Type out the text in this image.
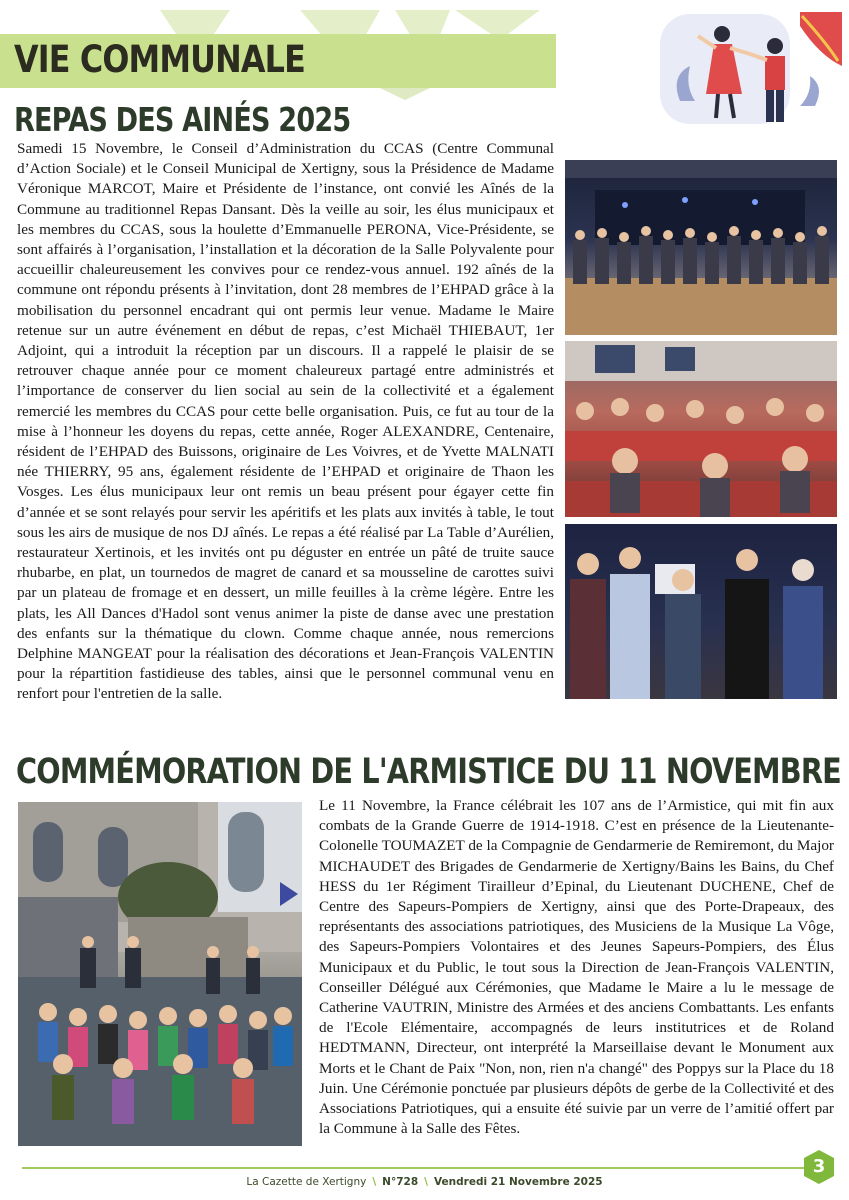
VIE COMMUNALE
REPAS DES AINÉS 2025
Samedi 15 Novembre, le Conseil d’Administration du CCAS (Centre Communal d’Action Sociale) et le Conseil Municipal de Xertigny, sous la Présidence de Madame Véronique MARCOT, Maire et Présidente de l’instance, ont convié les Aînés de la Commune au traditionnel Repas Dansant. Dès la veille au soir, les élus municipaux et les membres du CCAS, sous la houlette d’Emmanuelle PERONA, Vice-Présidente, se sont affairés à l’organisation, l’installation et la décoration de la Salle Polyvalente pour accueillir chaleureusement les convives pour ce rendez-vous annuel. 192 aînés de la commune ont répondu présents à l’invitation, dont 28 membres de l’EHPAD grâce à la mobilisation du personnel encadrant qui ont permis leur venue. Madame le Maire retenue sur un autre événement en début de repas, c’est Michaël THIEBAUT, 1er Adjoint, qui a introduit la réception par un discours. Il a rappelé le plaisir de se retrouver chaque année pour ce moment chaleureux partagé entre administrés et l’importance de conserver du lien social au sein de la collectivité et a également remercié les membres du CCAS pour cette belle organisation. Puis, ce fut au tour de la mise à l’honneur les doyens du repas, cette année, Roger ALEXANDRE, Centenaire, résident de l’EHPAD des Buissons, originaire de Les Voivres, et de Yvette MALNATI née THIERRY, 95 ans, également résidente de l’EHPAD et originaire de Thaon les Vosges. Les élus municipaux leur ont remis un beau présent pour égayer cette fin d’année et se sont relayés pour servir les apéritifs et les plats aux invités à table, le tout sous les airs de musique de nos DJ aînés. Le repas a été réalisé par La Table d’Aurélien, restaurateur Xertinois, et les invités ont pu déguster en entrée un pâté de truite sauce rhubarbe, en plat, un tournedos de magret de canard et sa mousseline de carottes suivi par un plateau de fromage et en dessert, un mille feuilles à la crème légère. Entre les plats, les All Dances d'Hadol sont venus animer la piste de danse avec une prestation des enfants sur la thématique du clown. Comme chaque année, nous remercions Delphine MANGEAT pour la réalisation des décorations et Jean-François VALENTIN pour la répartition fastidieuse des tables, ainsi que le personnel communal venu en renfort pour l'entretien de la salle.
COMMÉMORATION DE L'ARMISTICE DU 11 NOVEMBRE
Le 11 Novembre, la France célébrait les 107 ans de l’Armistice, qui mit fin aux combats de la Grande Guerre de 1914-1918. C’est en présence de la Lieutenante-Colonelle TOUMAZET de la Compagnie de Gendarmerie de Remiremont, du Major MICHAUDET des Brigades de Gendarmerie de Xertigny/Bains les Bains, du Chef HESS du 1er Régiment Tirailleur d’Epinal, du Lieutenant DUCHENE, Chef de Centre des Sapeurs-Pompiers de Xertigny, ainsi que des Porte-Drapeaux, des représentants des associations patriotiques, des Musiciens de la Musique La Vôge, des Sapeurs-Pompiers Volontaires et des Jeunes Sapeurs-Pompiers, des Élus Municipaux et du Public, le tout sous la Direction de Jean-François VALENTIN, Conseiller Délégué aux Cérémonies, que Madame le Maire a lu le message de Catherine VAUTRIN, Ministre des Armées et des anciens Combattants. Les enfants de l'Ecole Elémentaire, accompagnés de leurs institutrices et de Roland HEDTMANN, Directeur, ont interprété la Marseillaise devant le Monument aux Morts et le Chant de Paix "Non, non, rien n'a changé" des Poppys sur la Place du 18 Juin. Une Cérémonie ponctuée par plusieurs dépôts de gerbe de la Collectivité et des Associations Patriotiques, qui a ensuite été suivie par un verre de l’amitié offert par la Commune à la Salle des Fêtes.
La Cazette de Xertigny \ N°728 \ Vendredi 21 Novembre 2025
3
